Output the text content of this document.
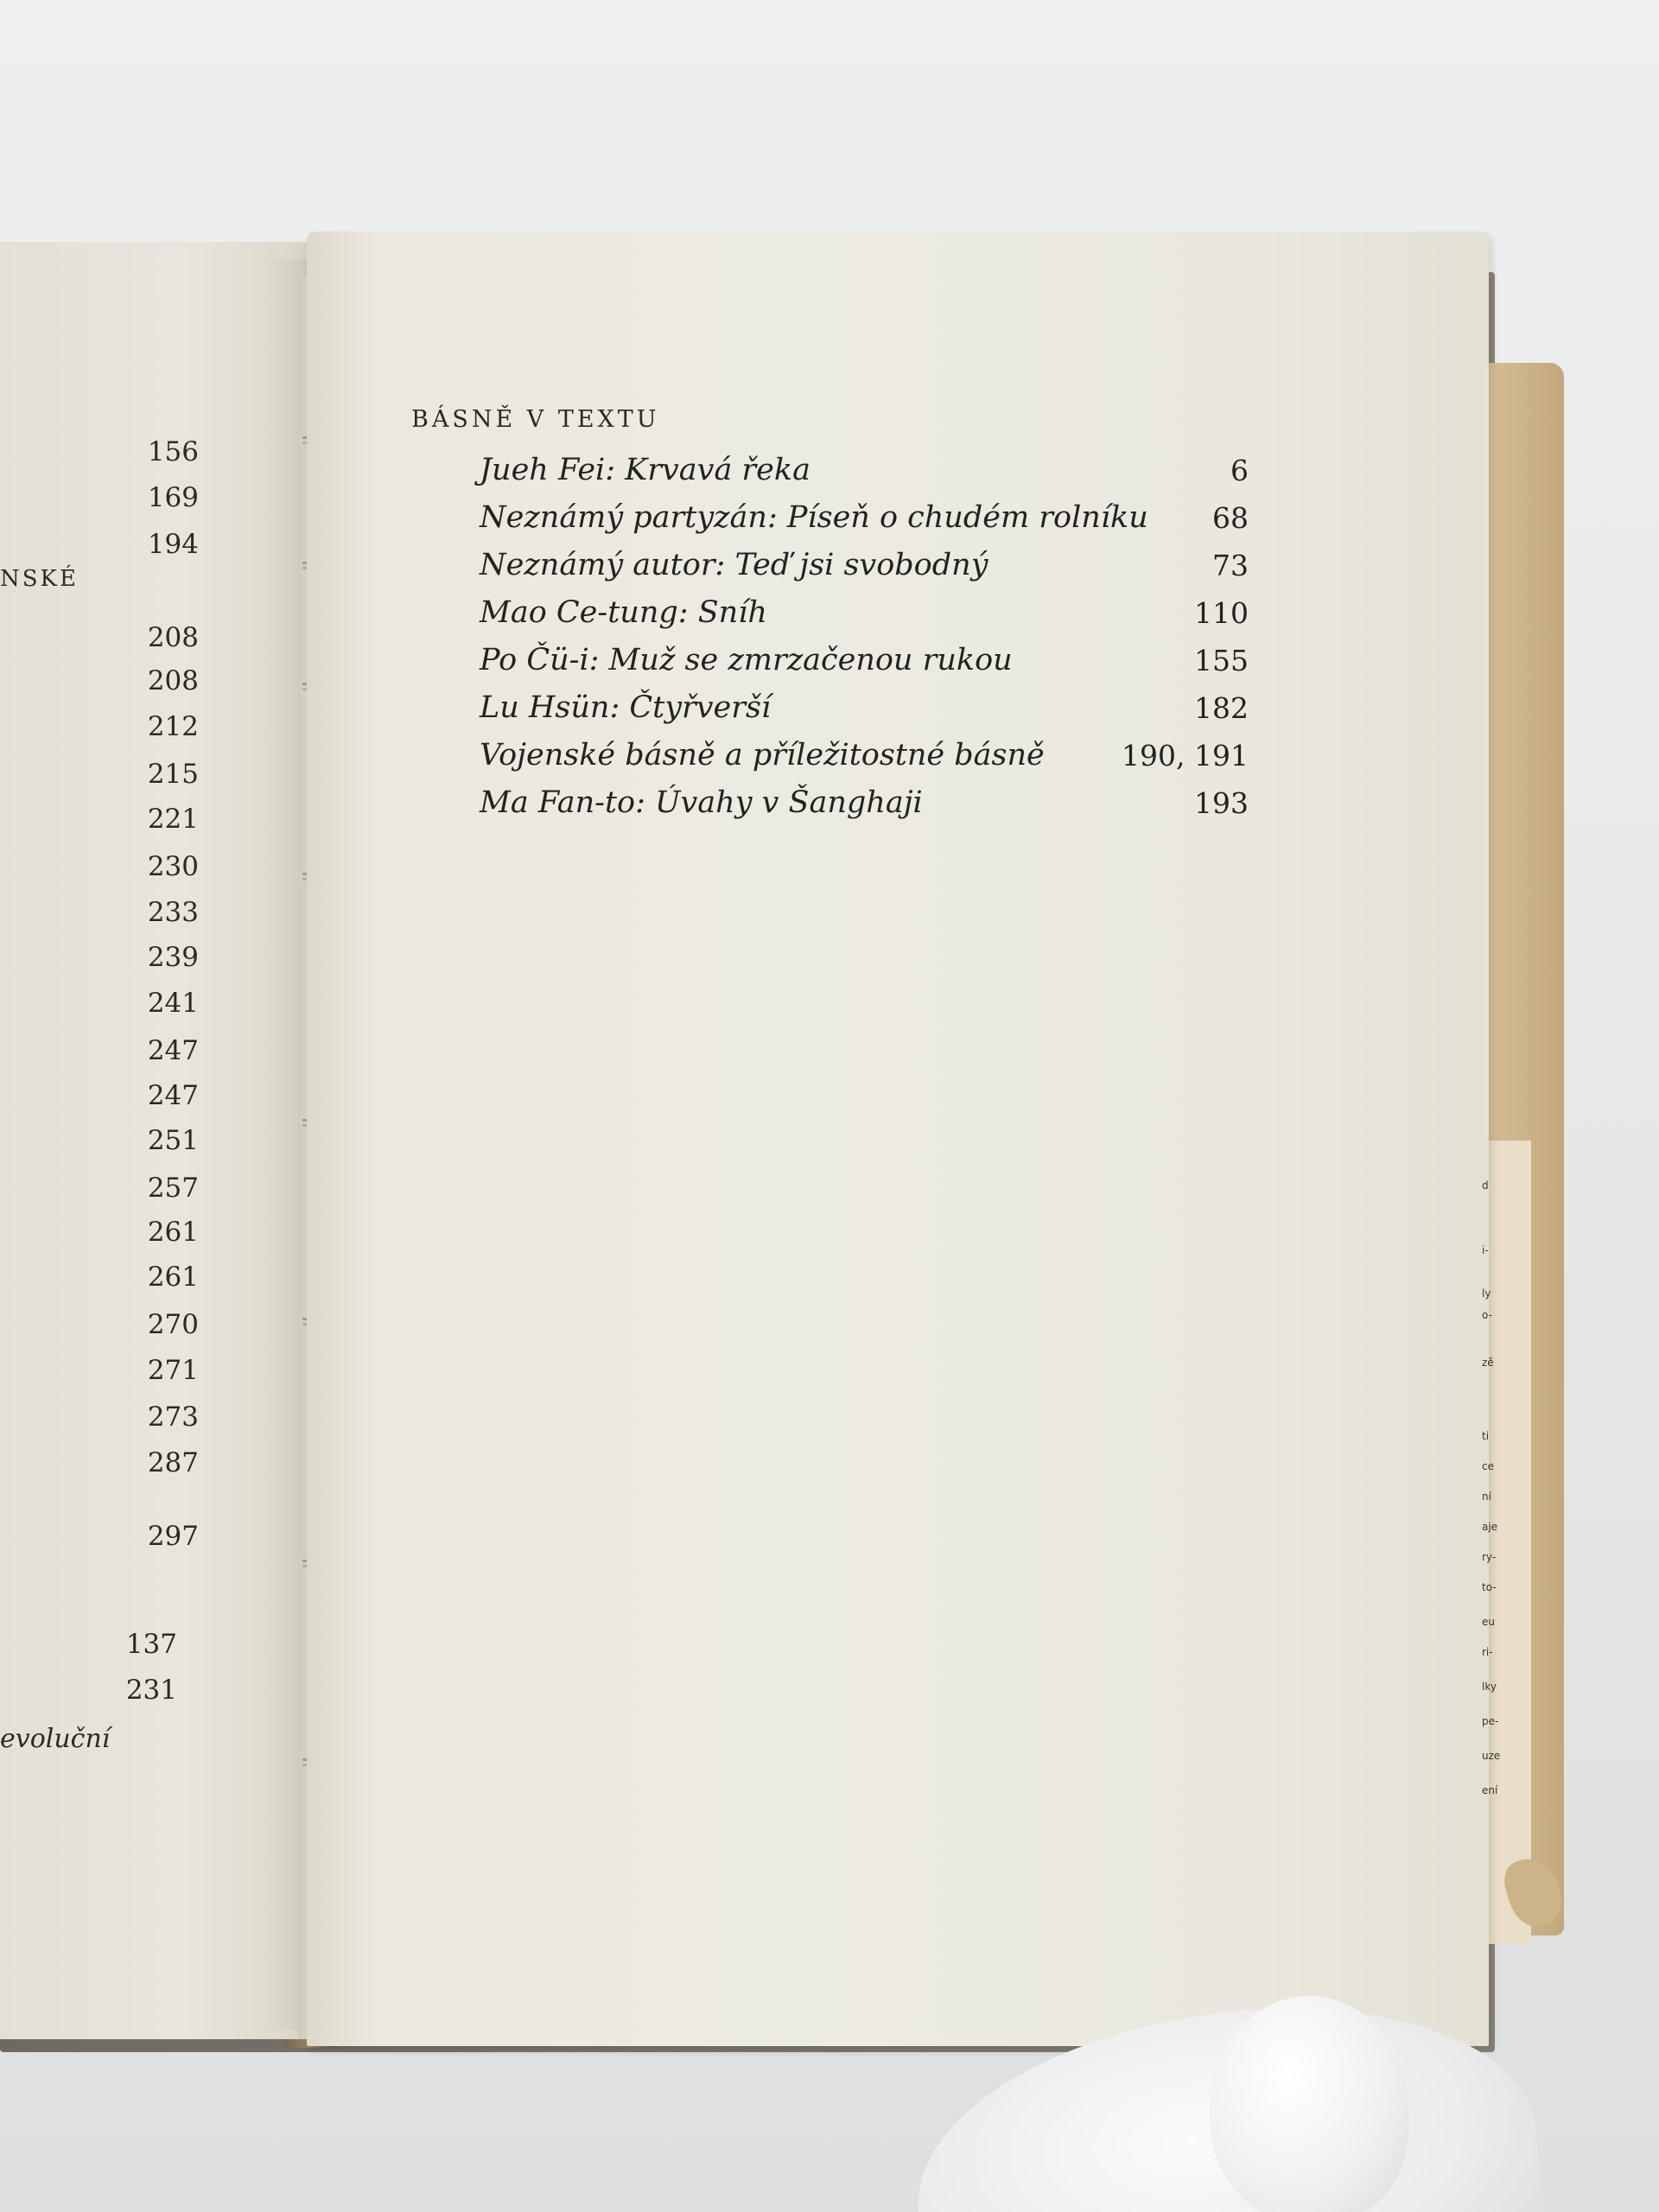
NSKÉ
evoluční
156
169
194
208
208
212
215
221
230
233
239
241
247
247
251
257
261
261
270
271
273
287
297
137
231
BÁSNĚ V TEXTU
Jueh Fei: Krvavá řeka	6
Neznámý partyzán: Píseň o chudém rolníku 68
Neznámý autor: Teď jsi svobodný	73
Mao Ce-tung: Sníh	110
Po Čü-i: Muž se zmrzačenou rukou	155
Lu Hsün: Čtyřverší	182
Vojenské básně a příležitostné básně	190, 191
Ma Fan-to: Úvahy v Šanghaji	193
d
i-
ly
o-
zě
ti
ce
ní
aje
ry-
to-
eu
ri-
lky
pe-
uze
ení
